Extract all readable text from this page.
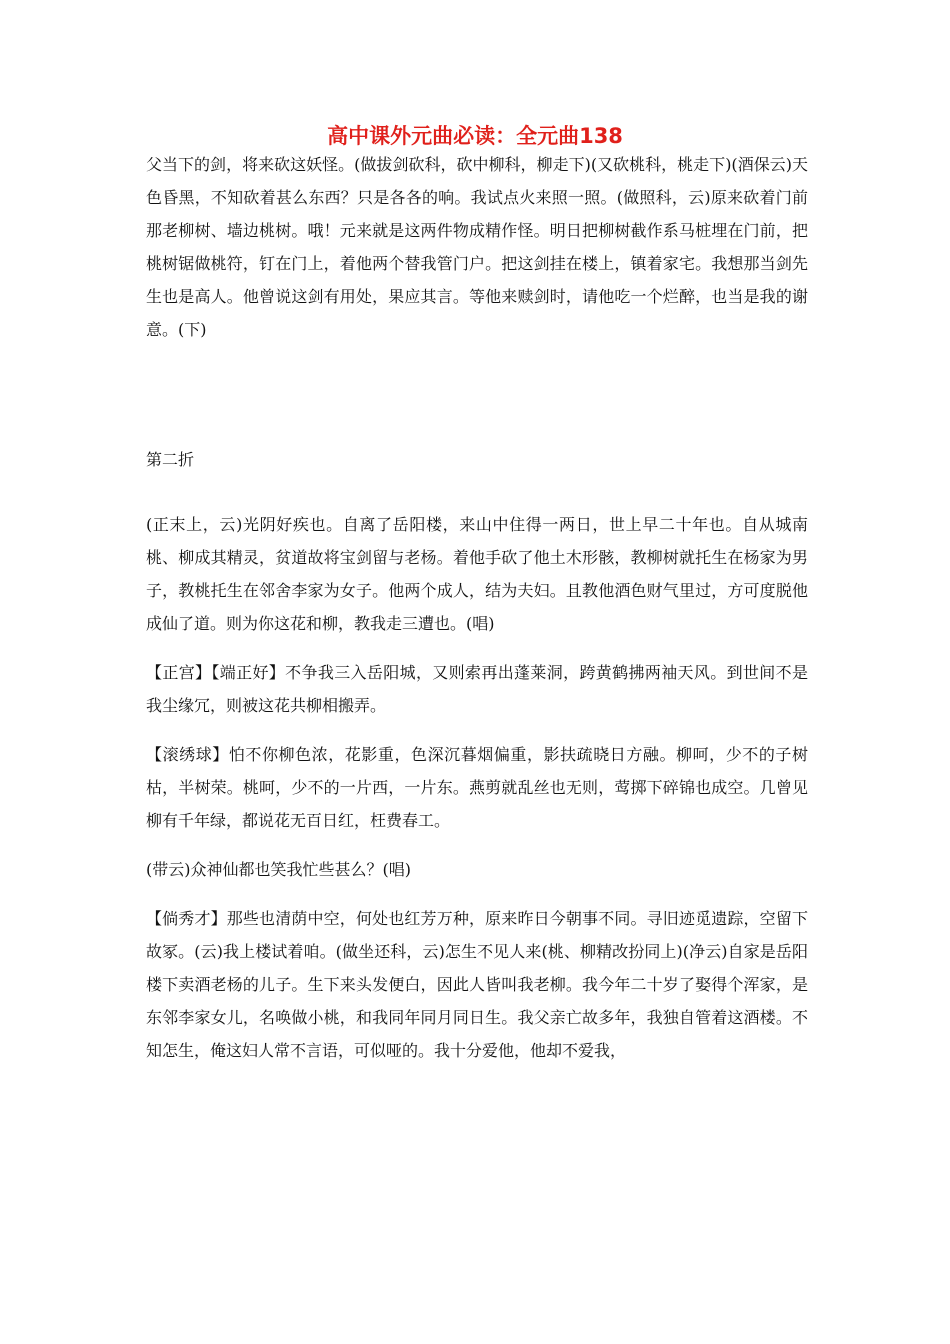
高中课外元曲必读：全元曲138

父当下的剑，将来砍这妖怪。(做拔剑砍科，砍中柳科，柳走下)(又砍桃科，桃走下)(酒保云)天色昏黑，不知砍着甚么东西？只是各各的响。我试点火来照一照。(做照科，云)原来砍着门前那老柳树、墙边桃树。哦！元来就是这两件物成精作怪。明日把柳树截作系马桩埋在门前，把桃树锯做桃符，钉在门上，着他两个替我管门户。把这剑挂在楼上，镇着家宅。我想那当剑先生也是高人。他曾说这剑有用处，果应其言。等他来赎剑时，请他吃一个烂醉，也当是我的谢意。(下)

第二折

(正末上，云)光阴好疾也。自离了岳阳楼，来山中住得一两日，世上早二十年也。自从城南桃、柳成其精灵，贫道故将宝剑留与老杨。着他手砍了他土木形骸，教柳树就托生在杨家为男子，教桃托生在邻舍李家为女子。他两个成人，结为夫妇。且教他酒色财气里过，方可度脱他成仙了道。则为你这花和柳，教我走三遭也。(唱)

【正宫】【端正好】不争我三入岳阳城，又则索再出蓬莱洞，跨黄鹤拂两袖天风。到世间不是我尘缘冗，则被这花共柳相搬弄。

【滚绣球】怕不你柳色浓，花影重，色深沉暮烟偏重，影扶疏晓日方融。柳呵，少不的子树枯，半树荣。桃呵，少不的一片西，一片东。燕剪就乱丝也无则，莺掷下碎锦也成空。几曾见柳有千年绿，都说花无百日红，枉费春工。

(带云)众神仙都也笑我忙些甚么？(唱)

【倘秀才】那些也清荫中空，何处也红芳万种，原来昨日今朝事不同。寻旧迹觅遗踪，空留下故冢。(云)我上楼试着咱。(做坐还科，云)怎生不见人来(桃、柳精改扮同上)(净云)自家是岳阳楼下卖酒老杨的儿子。生下来头发便白，因此人皆叫我老柳。我今年二十岁了娶得个浑家，是东邻李家女儿，名唤做小桃，和我同年同月同日生。我父亲亡故多年，我独自管着这酒楼。不知怎生，俺这妇人常不言语，可似哑的。我十分爱他，他却不爱我，
